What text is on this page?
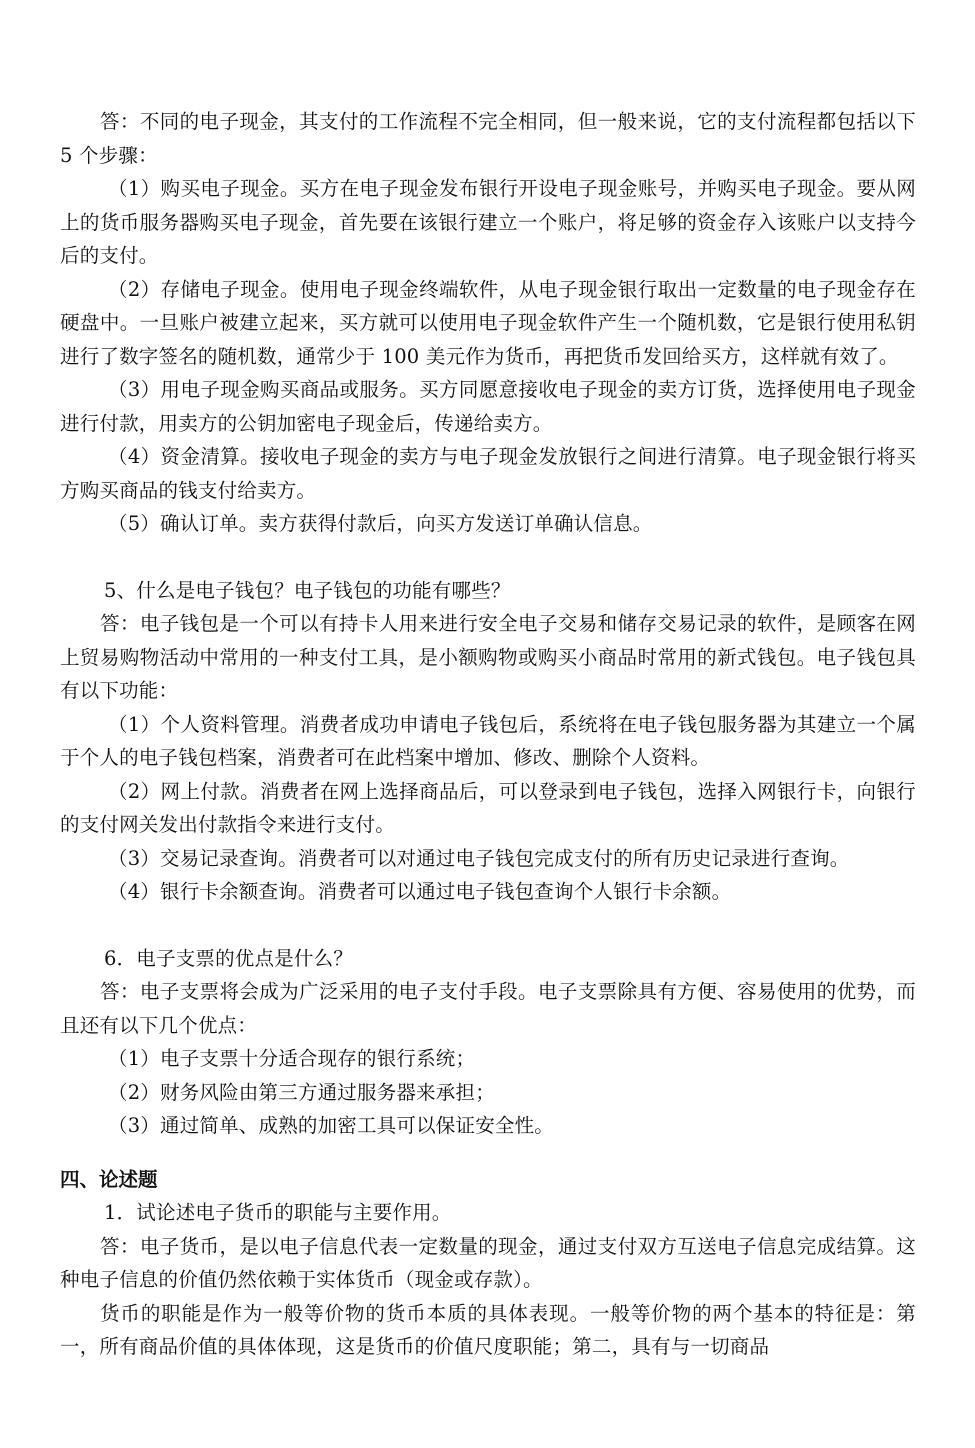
答：不同的电子现金，其支付的工作流程不完全相同，但一般来说，它的支付流程都包括以下 5 个步骤：

（1）购买电子现金。买方在电子现金发布银行开设电子现金账号，并购买电子现金。要从网上的货币服务器购买电子现金，首先要在该银行建立一个账户，将足够的资金存入该账户以支持今后的支付。

（2）存储电子现金。使用电子现金终端软件，从电子现金银行取出一定数量的电子现金存在硬盘中。一旦账户被建立起来，买方就可以使用电子现金软件产生一个随机数，它是银行使用私钥进行了数字签名的随机数，通常少于 100 美元作为货币，再把货币发回给买方，这样就有效了。

（3）用电子现金购买商品或服务。买方同愿意接收电子现金的卖方订货，选择使用电子现金进行付款，用卖方的公钥加密电子现金后，传递给卖方。

（4）资金清算。接收电子现金的卖方与电子现金发放银行之间进行清算。电子现金银行将买方购买商品的钱支付给卖方。

（5）确认订单。卖方获得付款后，向买方发送订单确认信息。

5、什么是电子钱包？电子钱包的功能有哪些？

答：电子钱包是一个可以有持卡人用来进行安全电子交易和储存交易记录的软件，是顾客在网上贸易购物活动中常用的一种支付工具，是小额购物或购买小商品时常用的新式钱包。电子钱包具有以下功能：

（1）个人资料管理。消费者成功申请电子钱包后，系统将在电子钱包服务器为其建立一个属于个人的电子钱包档案，消费者可在此档案中增加、修改、删除个人资料。

（2）网上付款。消费者在网上选择商品后，可以登录到电子钱包，选择入网银行卡，向银行的支付网关发出付款指令来进行支付。

（3）交易记录查询。消费者可以对通过电子钱包完成支付的所有历史记录进行查询。

（4）银行卡余额查询。消费者可以通过电子钱包查询个人银行卡余额。

6．电子支票的优点是什么？

答：电子支票将会成为广泛采用的电子支付手段。电子支票除具有方便、容易使用的优势，而且还有以下几个优点：

（1）电子支票十分适合现存的银行系统；

（2）财务风险由第三方通过服务器来承担；

（3）通过简单、成熟的加密工具可以保证安全性。

四、论述题

1．试论述电子货币的职能与主要作用。

答：电子货币，是以电子信息代表一定数量的现金，通过支付双方互送电子信息完成结算。这种电子信息的价值仍然依赖于实体货币（现金或存款）。

货币的职能是作为一般等价物的货币本质的具体表现。一般等价物的两个基本的特征是：第一，所有商品价值的具体体现，这是货币的价值尺度职能；第二，具有与一切商品
